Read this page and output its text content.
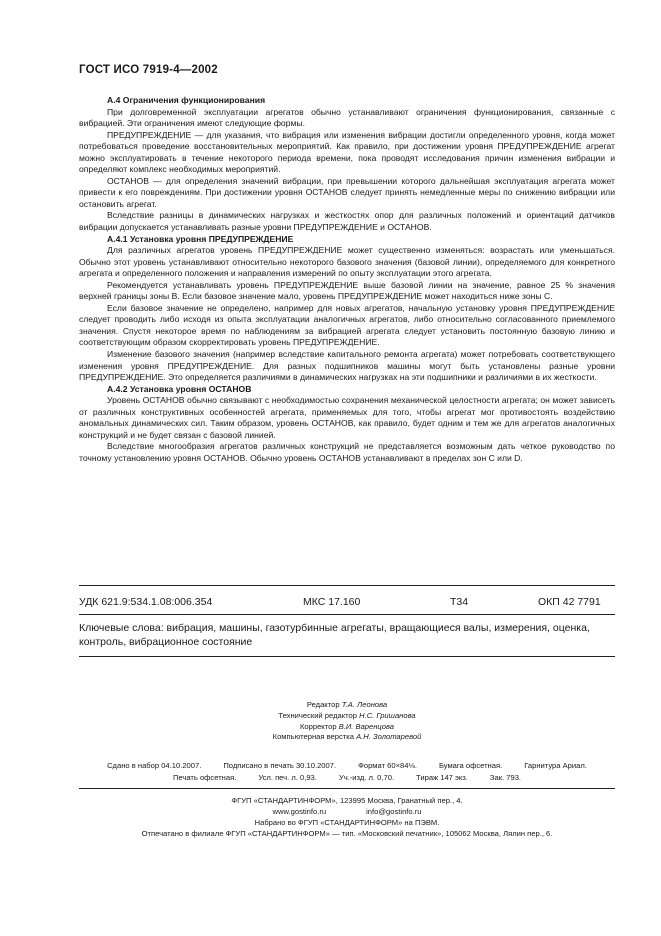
ГОСТ ИСО 7919-4—2002

А.4 Ограничения функционирования

При долговременной эксплуатации агрегатов обычно устанавливают ограничения функционирования, связанные с вибрацией. Эти ограничения имеют следующие формы.

ПРЕДУПРЕЖДЕНИЕ — для указания, что вибрация или изменения вибрации достигли определенного уровня, когда может потребоваться проведение восстановительных мероприятий. Как правило, при достижении уровня ПРЕДУПРЕЖДЕНИЕ агрегат можно эксплуатировать в течение некоторого периода времени, пока проводят исследования причин изменения вибрации и определяют комплекс необходимых мероприятий.

ОСТАНОВ — для определения значений вибрации, при превышении которого дальнейшая эксплуатация агрегата может привести к его повреждениям. При достижении уровня ОСТАНОВ следует принять немедленные меры по снижению вибрации или остановить агрегат.

Вследствие разницы в динамических нагрузках и жесткостях опор для различных положений и ориентаций датчиков вибрации допускается устанавливать разные уровни ПРЕДУПРЕЖДЕНИЕ и ОСТАНОВ.

А.4.1 Установка уровня ПРЕДУПРЕЖДЕНИЕ

Для различных агрегатов уровень ПРЕДУПРЕЖДЕНИЕ может существенно изменяться: возрастать или уменьшаться. Обычно этот уровень устанавливают относительно некоторого базового значения (базовой линии), определяемого для конкретного агрегата и определенного положения и направления измерений по опыту эксплуатации этого агрегата.

Рекомендуется устанавливать уровень ПРЕДУПРЕЖДЕНИЕ выше базовой линии на значение, равное 25 % значения верхней границы зоны В. Если базовое значение мало, уровень ПРЕДУПРЕЖДЕНИЕ может находиться ниже зоны С.

Если базовое значение не определено, например для новых агрегатов, начальную установку уровня ПРЕДУПРЕЖДЕНИЕ следует проводить либо исходя из опыта эксплуатации аналогичных агрегатов, либо относительно согласованного приемлемого значения. Спустя некоторое время по наблюдениям за вибрацией агрегата следует установить постоянную базовую линию и соответствующим образом скорректировать уровень ПРЕДУПРЕЖДЕНИЕ.

Изменение базового значения (например вследствие капитального ремонта агрегата) может потребовать соответствующего изменения уровня ПРЕДУПРЕЖДЕНИЕ. Для разных подшипников машины могут быть установлены разные уровни ПРЕДУПРЕЖДЕНИЕ. Это определяется различиями в динамических нагрузках на эти подшипники и различиями в их жесткости.

А.4.2 Установка уровня ОСТАНОВ

Уровень ОСТАНОВ обычно связывают с необходимостью сохранения механической целостности агрегата; он может зависеть от различных конструктивных особенностей агрегата, применяемых для того, чтобы агрегат мог противостоять воздействию аномальных динамических сил. Таким образом, уровень ОСТАНОВ, как правило, будет одним и тем же для агрегатов аналогичных конструкций и не будет связан с базовой линией.

Вследствие многообразия агрегатов различных конструкций не представляется возможным дать четкое руководство по точному установлению уровня ОСТАНОВ. Обычно уровень ОСТАНОВ устанавливают в пределах зон С или D.

УДК 621.9:534.1.08:006.354	МКС 17.160	Т34	ОКП 42 7791
Ключевые слова: вибрация, машины, газотурбинные агрегаты, вращающиеся валы, измерения, оценка, контроль, вибрационное состояние
Редактор Т.А. Леонова
Технический редактор Н.С. Гришанова
Корректор В.И. Варенцова
Компьютерная верстка А.Н. Золотаревой
Сдано в набор 04.10.2007.	Подписано в печать 30.10.2007.	Формат 60×84⅛.	Бумага офсетная.	Гарнитура Ариал.
Печать офсетная.	Усл. печ. л. 0,93.	Уч.-изд. л. 0,70.	Тираж 147 экз.	Зак. 793.
ФГУП «СТАНДАРТИНФОРМ», 123995 Москва, Гранатный пер., 4.
www.gostinfo.ru	info@gostinfo.ru
Набрано во ФГУП «СТАНДАРТИНФОРМ» на ПЭВМ.
Отпечатано в филиале ФГУП «СТАНДАРТИНФОРМ» — тип. «Московский печатник», 105062 Москва, Лялин пер., 6.
